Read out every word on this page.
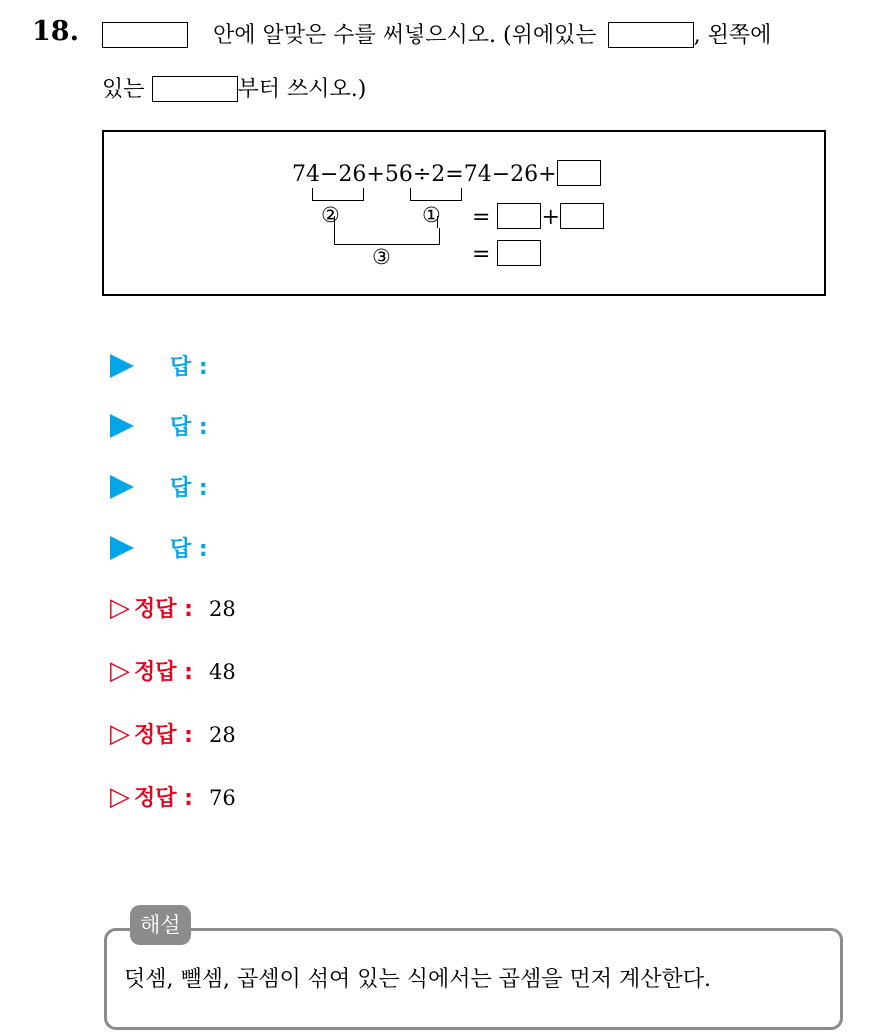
18.	안에 알맞은 수를 써넣으시오. (위에있는	, 왼쪽에
있는	부터 쓰시오.)
74−26+56÷2=74−26+
②	①
③
= +
=
답 :
답 :
답 :
답 :
▷ 정답 : 28
▷ 정답 : 48
▷ 정답 : 28
▷ 정답 : 76
해설
덧셈, 뺄셈, 곱셈이 섞여 있는 식에서는 곱셈을 먼저 계산한다.
